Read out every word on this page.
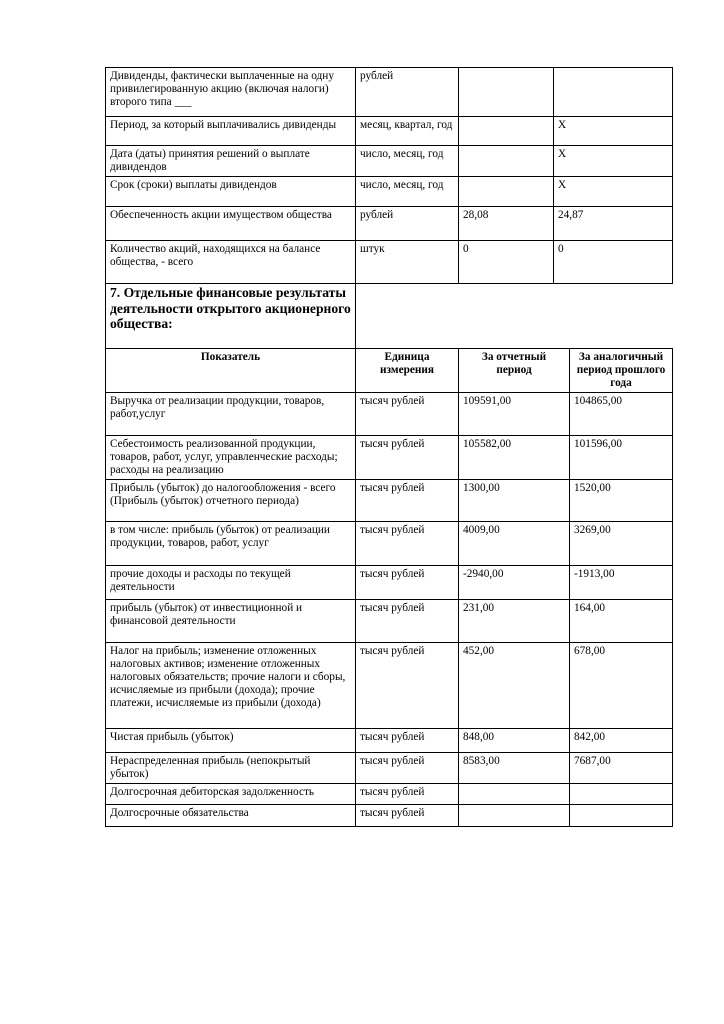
Дивиденды, фактически выплаченные на одну привилегированную акцию (включая налоги) второго типа ___	рублей		
Период, за который выплачивались дивиденды	месяц, квартал, год		X
Дата (даты) принятия решений о выплате дивидендов	число, месяц, год		X
Срок (сроки) выплаты дивидендов	число, месяц, год		X
Обеспеченность акции имуществом общества	рублей	28,08	24,87
Количество акций, находящихся на балансе общества, - всего	штук	0	0
7. Отдельные финансовые результаты деятельности открытого акционерного общества:			
Показатель	Единица измерения	За отчетный период	За аналогичный период прошлого года
Выручка от реализации продукции, товаров, работ,услуг	тысяч рублей	109591,00	104865,00
Себестоимость реализованной продукции, товаров, работ, услуг, управленческие расходы; расходы на реализацию	тысяч рублей	105582,00	101596,00
Прибыль (убыток) до налогообложения - всего (Прибыль (убыток) отчетного периода)	тысяч рублей	1300,00	1520,00
в том числе: прибыль (убыток) от реализации продукции, товаров, работ, услуг	тысяч рублей	4009,00	3269,00
прочие доходы и расходы по текущей деятельности	тысяч рублей	-2940,00	-1913,00
прибыль (убыток) от инвестиционной и финансовой деятельности	тысяч рублей	231,00	164,00
Налог на прибыль; изменение отложенных налоговых активов; изменение отложенных налоговых обязательств; прочие налоги и сборы, исчисляемые из прибыли (дохода); прочие платежи, исчисляемые из прибыли (дохода)	тысяч рублей	452,00	678,00
Чистая прибыль (убыток)	тысяч рублей	848,00	842,00
Нераспределенная прибыль (непокрытый убыток)	тысяч рублей	8583,00	7687,00
Долгосрочная дебиторская задолженность	тысяч рублей		
Долгосрочные обязательства	тысяч рублей		
